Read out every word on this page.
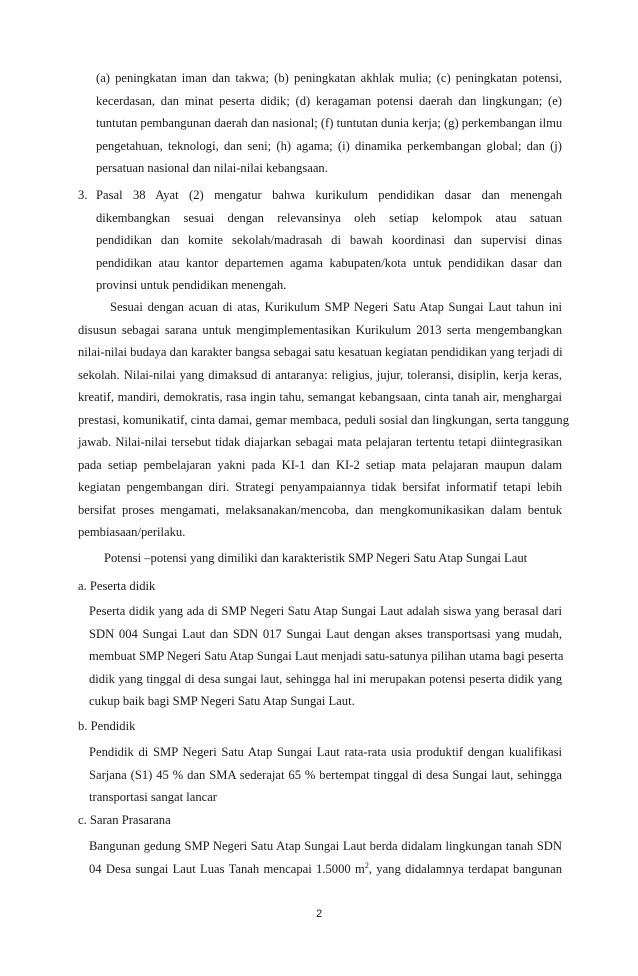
(a) peningkatan iman dan takwa; (b) peningkatan akhlak mulia; (c) peningkatan potensi,
kecerdasan, dan minat peserta didik; (d) keragaman potensi daerah dan lingkungan; (e)
tuntutan pembangunan daerah dan nasional; (f) tuntutan dunia kerja; (g) perkembangan ilmu
pengetahuan, teknologi, dan seni; (h) agama; (i) dinamika perkembangan global; dan (j)
persatuan nasional dan nilai-nilai kebangsaan.
3. Pasal 38 Ayat (2) mengatur bahwa kurikulum pendidikan dasar dan menengah
dikembangkan sesuai dengan relevansinya oleh setiap kelompok atau satuan
pendidikan dan komite sekolah/madrasah di bawah koordinasi dan supervisi dinas
pendidikan atau kantor departemen agama kabupaten/kota untuk pendidikan dasar dan
provinsi untuk pendidikan menengah.
Sesuai dengan acuan di atas, Kurikulum SMP Negeri Satu Atap Sungai Laut tahun ini
disusun sebagai sarana untuk mengimplementasikan Kurikulum 2013 serta mengembangkan
nilai-nilai budaya dan karakter bangsa sebagai satu kesatuan kegiatan pendidikan yang terjadi di
sekolah. Nilai-nilai yang dimaksud di antaranya: religius, jujur, toleransi, disiplin, kerja keras,
kreatif, mandiri, demokratis, rasa ingin tahu, semangat kebangsaan, cinta tanah air, menghargai
prestasi, komunikatif, cinta damai, gemar membaca, peduli sosial dan lingkungan, serta tanggung
jawab. Nilai-nilai tersebut tidak diajarkan sebagai mata pelajaran tertentu tetapi diintegrasikan
pada setiap pembelajaran yakni pada KI-1 dan KI-2 setiap mata pelajaran maupun dalam
kegiatan pengembangan diri. Strategi penyampaiannya tidak bersifat informatif tetapi lebih
bersifat proses mengamati, melaksanakan/mencoba, dan mengkomunikasikan dalam bentuk
pembiasaan/perilaku.
Potensi –potensi yang dimiliki dan karakteristik SMP Negeri Satu Atap Sungai Laut
a. Peserta didik
Peserta didik yang ada di SMP Negeri Satu Atap Sungai Laut adalah siswa yang berasal dari
SDN 004 Sungai Laut dan SDN 017 Sungai Laut dengan akses transportsasi yang mudah,
membuat SMP Negeri Satu Atap Sungai Laut menjadi satu-satunya pilihan utama bagi peserta
didik yang tinggal di desa sungai laut, sehingga hal ini merupakan potensi peserta didik yang
cukup baik bagi SMP Negeri Satu Atap Sungai Laut.
b. Pendidik
Pendidik di SMP Negeri Satu Atap Sungai Laut rata-rata usia produktif dengan kualifikasi
Sarjana (S1) 45 % dan SMA sederajat 65 % bertempat tinggal di desa Sungai laut, sehingga
transportasi sangat lancar
c. Saran Prasarana
Bangunan gedung SMP Negeri Satu Atap Sungai Laut berda didalam lingkungan tanah SDN
04 Desa sungai Laut Luas Tanah mencapai 1.5000 $m^2$, yang didalamnya terdapat bangunan
2
